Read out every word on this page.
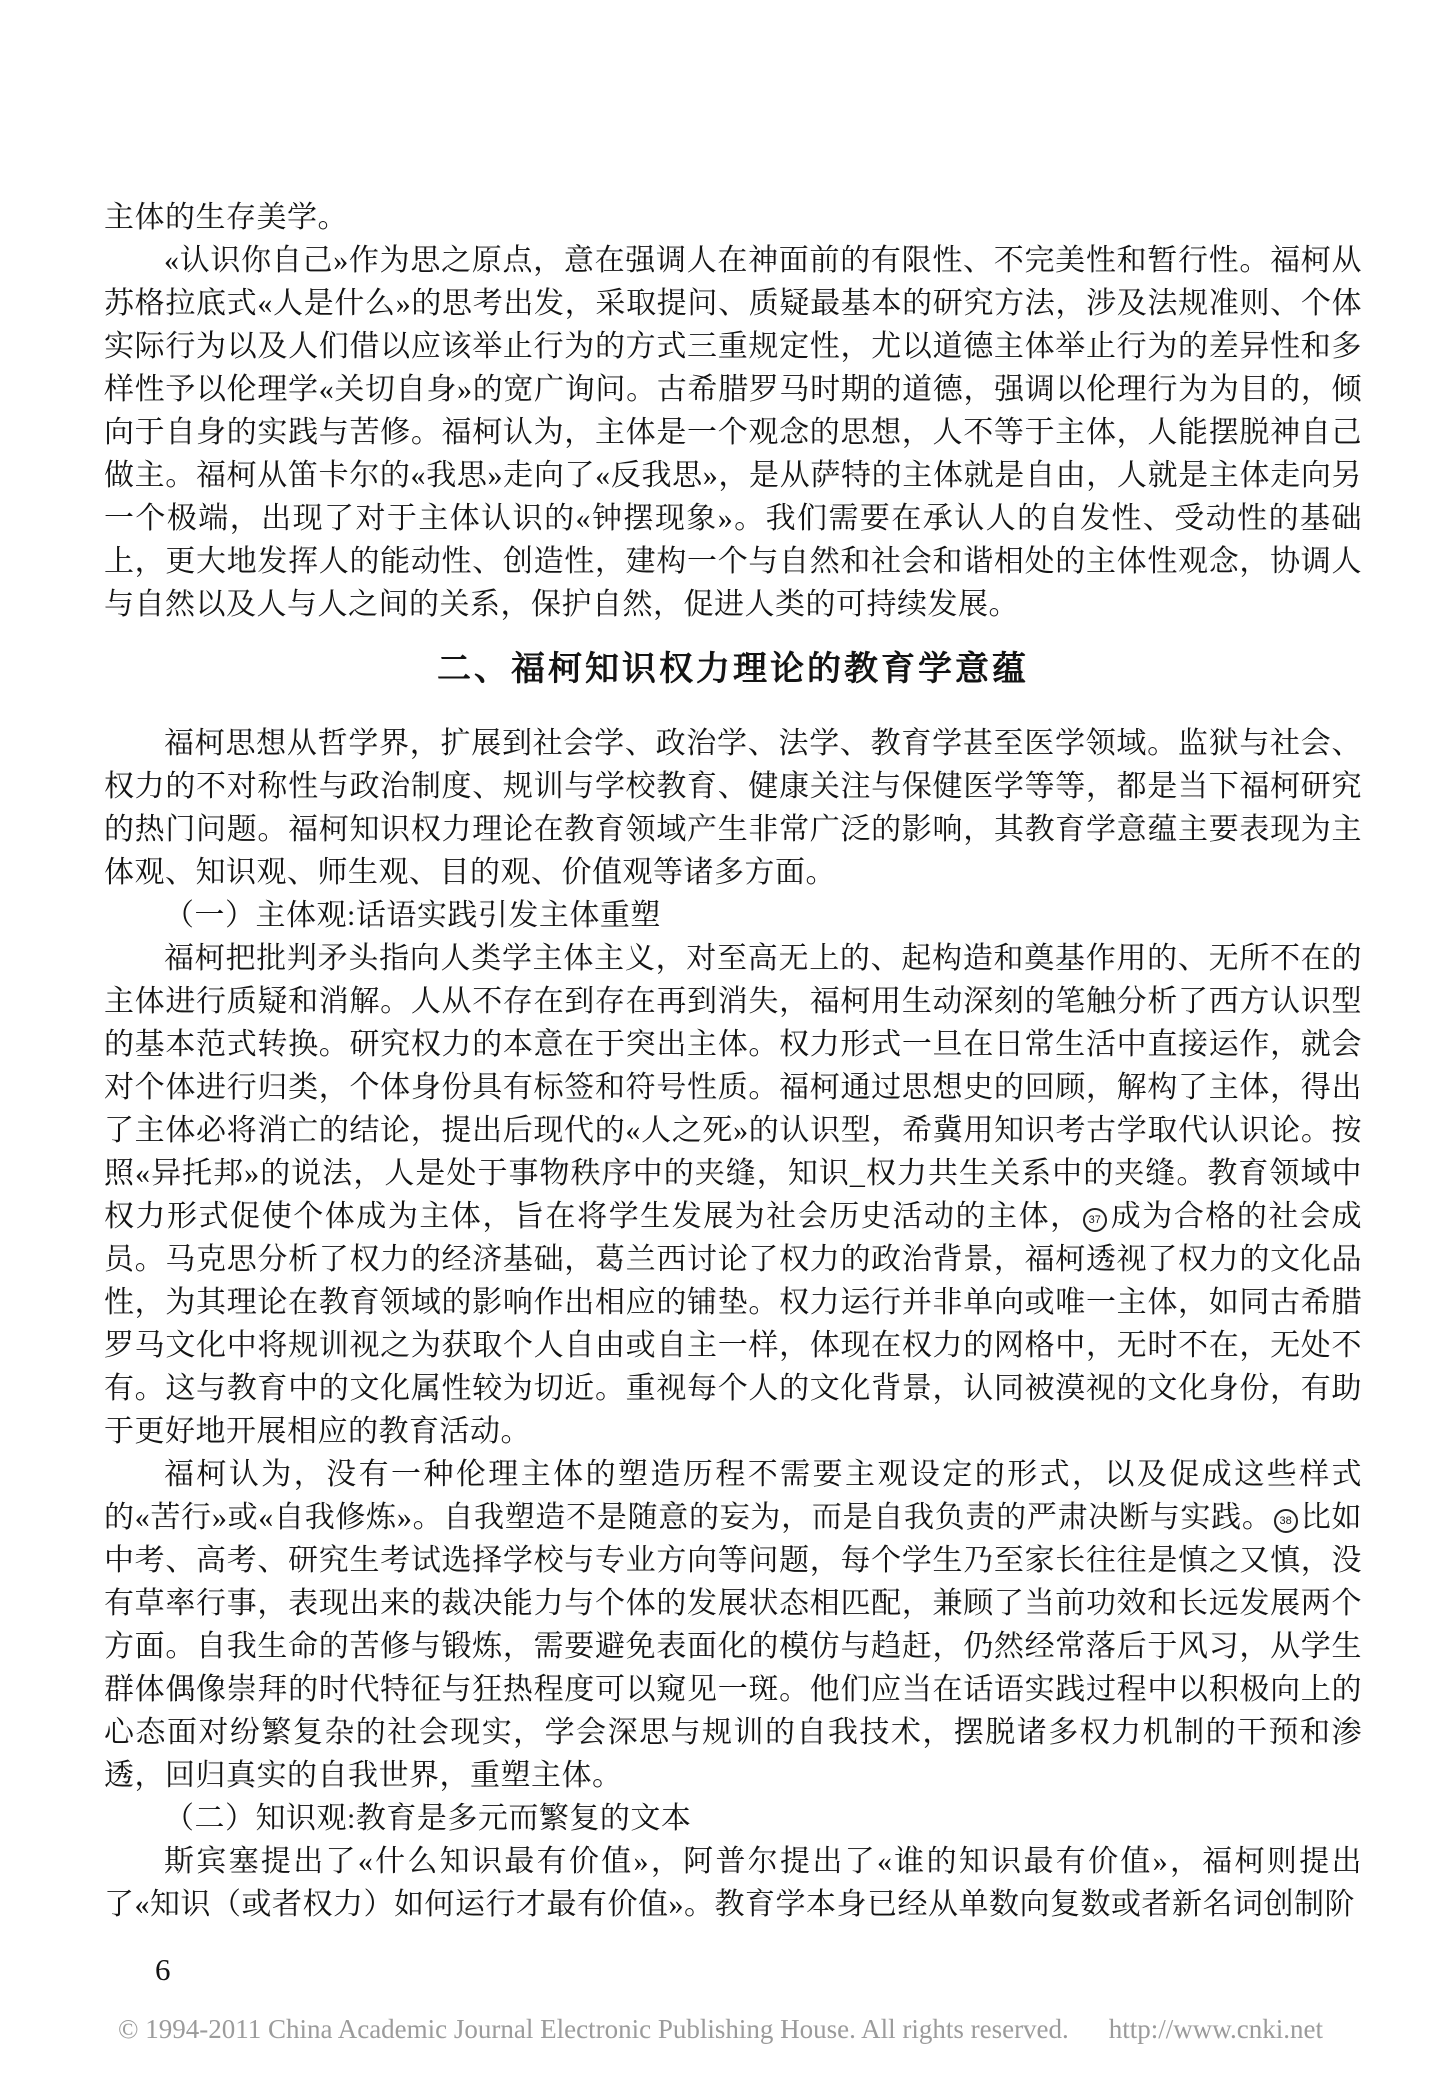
主体的生存美学。

«认识你自己»作为思之原点，意在强调人在神面前的有限性、不完美性和暂行性。福柯从苏格拉底式«人是什么»的思考出发，采取提问、质疑最基本的研究方法，涉及法规准则、个体实际行为以及人们借以应该举止行为的方式三重规定性，尤以道德主体举止行为的差异性和多样性予以伦理学«关切自身»的宽广询问。古希腊罗马时期的道德，强调以伦理行为为目的，倾向于自身的实践与苦修。福柯认为，主体是一个观念的思想，人不等于主体，人能摆脱神自己做主。福柯从笛卡尔的«我思»走向了«反我思»，是从萨特的主体就是自由，人就是主体走向另一个极端，出现了对于主体认识的«钟摆现象»。我们需要在承认人的自发性、受动性的基础上，更大地发挥人的能动性、创造性，建构一个与自然和社会和谐相处的主体性观念，协调人与自然以及人与人之间的关系，保护自然，促进人类的可持续发展。

二、福柯知识权力理论的教育学意蕴

福柯思想从哲学界，扩展到社会学、政治学、法学、教育学甚至医学领域。监狱与社会、权力的不对称性与政治制度、规训与学校教育、健康关注与保健医学等等，都是当下福柯研究的热门问题。福柯知识权力理论在教育领域产生非常广泛的影响，其教育学意蕴主要表现为主体观、知识观、师生观、目的观、价值观等诸多方面。

（一）主体观:话语实践引发主体重塑

福柯把批判矛头指向人类学主体主义，对至高无上的、起构造和奠基作用的、无所不在的主体进行质疑和消解。人从不存在到存在再到消失，福柯用生动深刻的笔触分析了西方认识型的基本范式转换。研究权力的本意在于突出主体。权力形式一旦在日常生活中直接运作，就会对个体进行归类，个体身份具有标签和符号性质。福柯通过思想史的回顾，解构了主体，得出了主体必将消亡的结论，提出后现代的«人之死»的认识型，希冀用知识考古学取代认识论。按照«异托邦»的说法，人是处于事物秩序中的夹缝，知识_权力共生关系中的夹缝。教育领域中权力形式促使个体成为主体，旨在将学生发展为社会历史活动的主体， 37 成为合格的社会成员。马克思分析了权力的经济基础，葛兰西讨论了权力的政治背景，福柯透视了权力的文化品性，为其理论在教育领域的影响作出相应的铺垫。权力运行并非单向或唯一主体，如同古希腊罗马文化中将规训视之为获取个人自由或自主一样，体现在权力的网格中，无时不在，无处不有。这与教育中的文化属性较为切近。重视每个人的文化背景，认同被漠视的文化身份，有助于更好地开展相应的教育活动。

福柯认为，没有一种伦理主体的塑造历程不需要主观设定的形式，以及促成这些样式的«苦行»或«自我修炼»。自我塑造不是随意的妄为，而是自我负责的严肃决断与实践。 38 比如中考、高考、研究生考试选择学校与专业方向等问题，每个学生乃至家长往往是慎之又慎，没有草率行事，表现出来的裁决能力与个体的发展状态相匹配，兼顾了当前功效和长远发展两个方面。自我生命的苦修与锻炼，需要避免表面化的模仿与趋赶，仍然经常落后于风习，从学生群体偶像崇拜的时代特征与狂热程度可以窥见一斑。他们应当在话语实践过程中以积极向上的心态面对纷繁复杂的社会现实，学会深思与规训的自我技术，摆脱诸多权力机制的干预和渗透，回归真实的自我世界，重塑主体。

（二）知识观:教育是多元而繁复的文本

斯宾塞提出了«什么知识最有价值»，阿普尔提出了«谁的知识最有价值»，福柯则提出了«知识（或者权力）如何运行才最有价值»。教育学本身已经从单数向复数或者新名词创制阶

6
© 1994-2011 China Academic Journal Electronic Publishing House. All rights reserved. http://www.cnki.net
